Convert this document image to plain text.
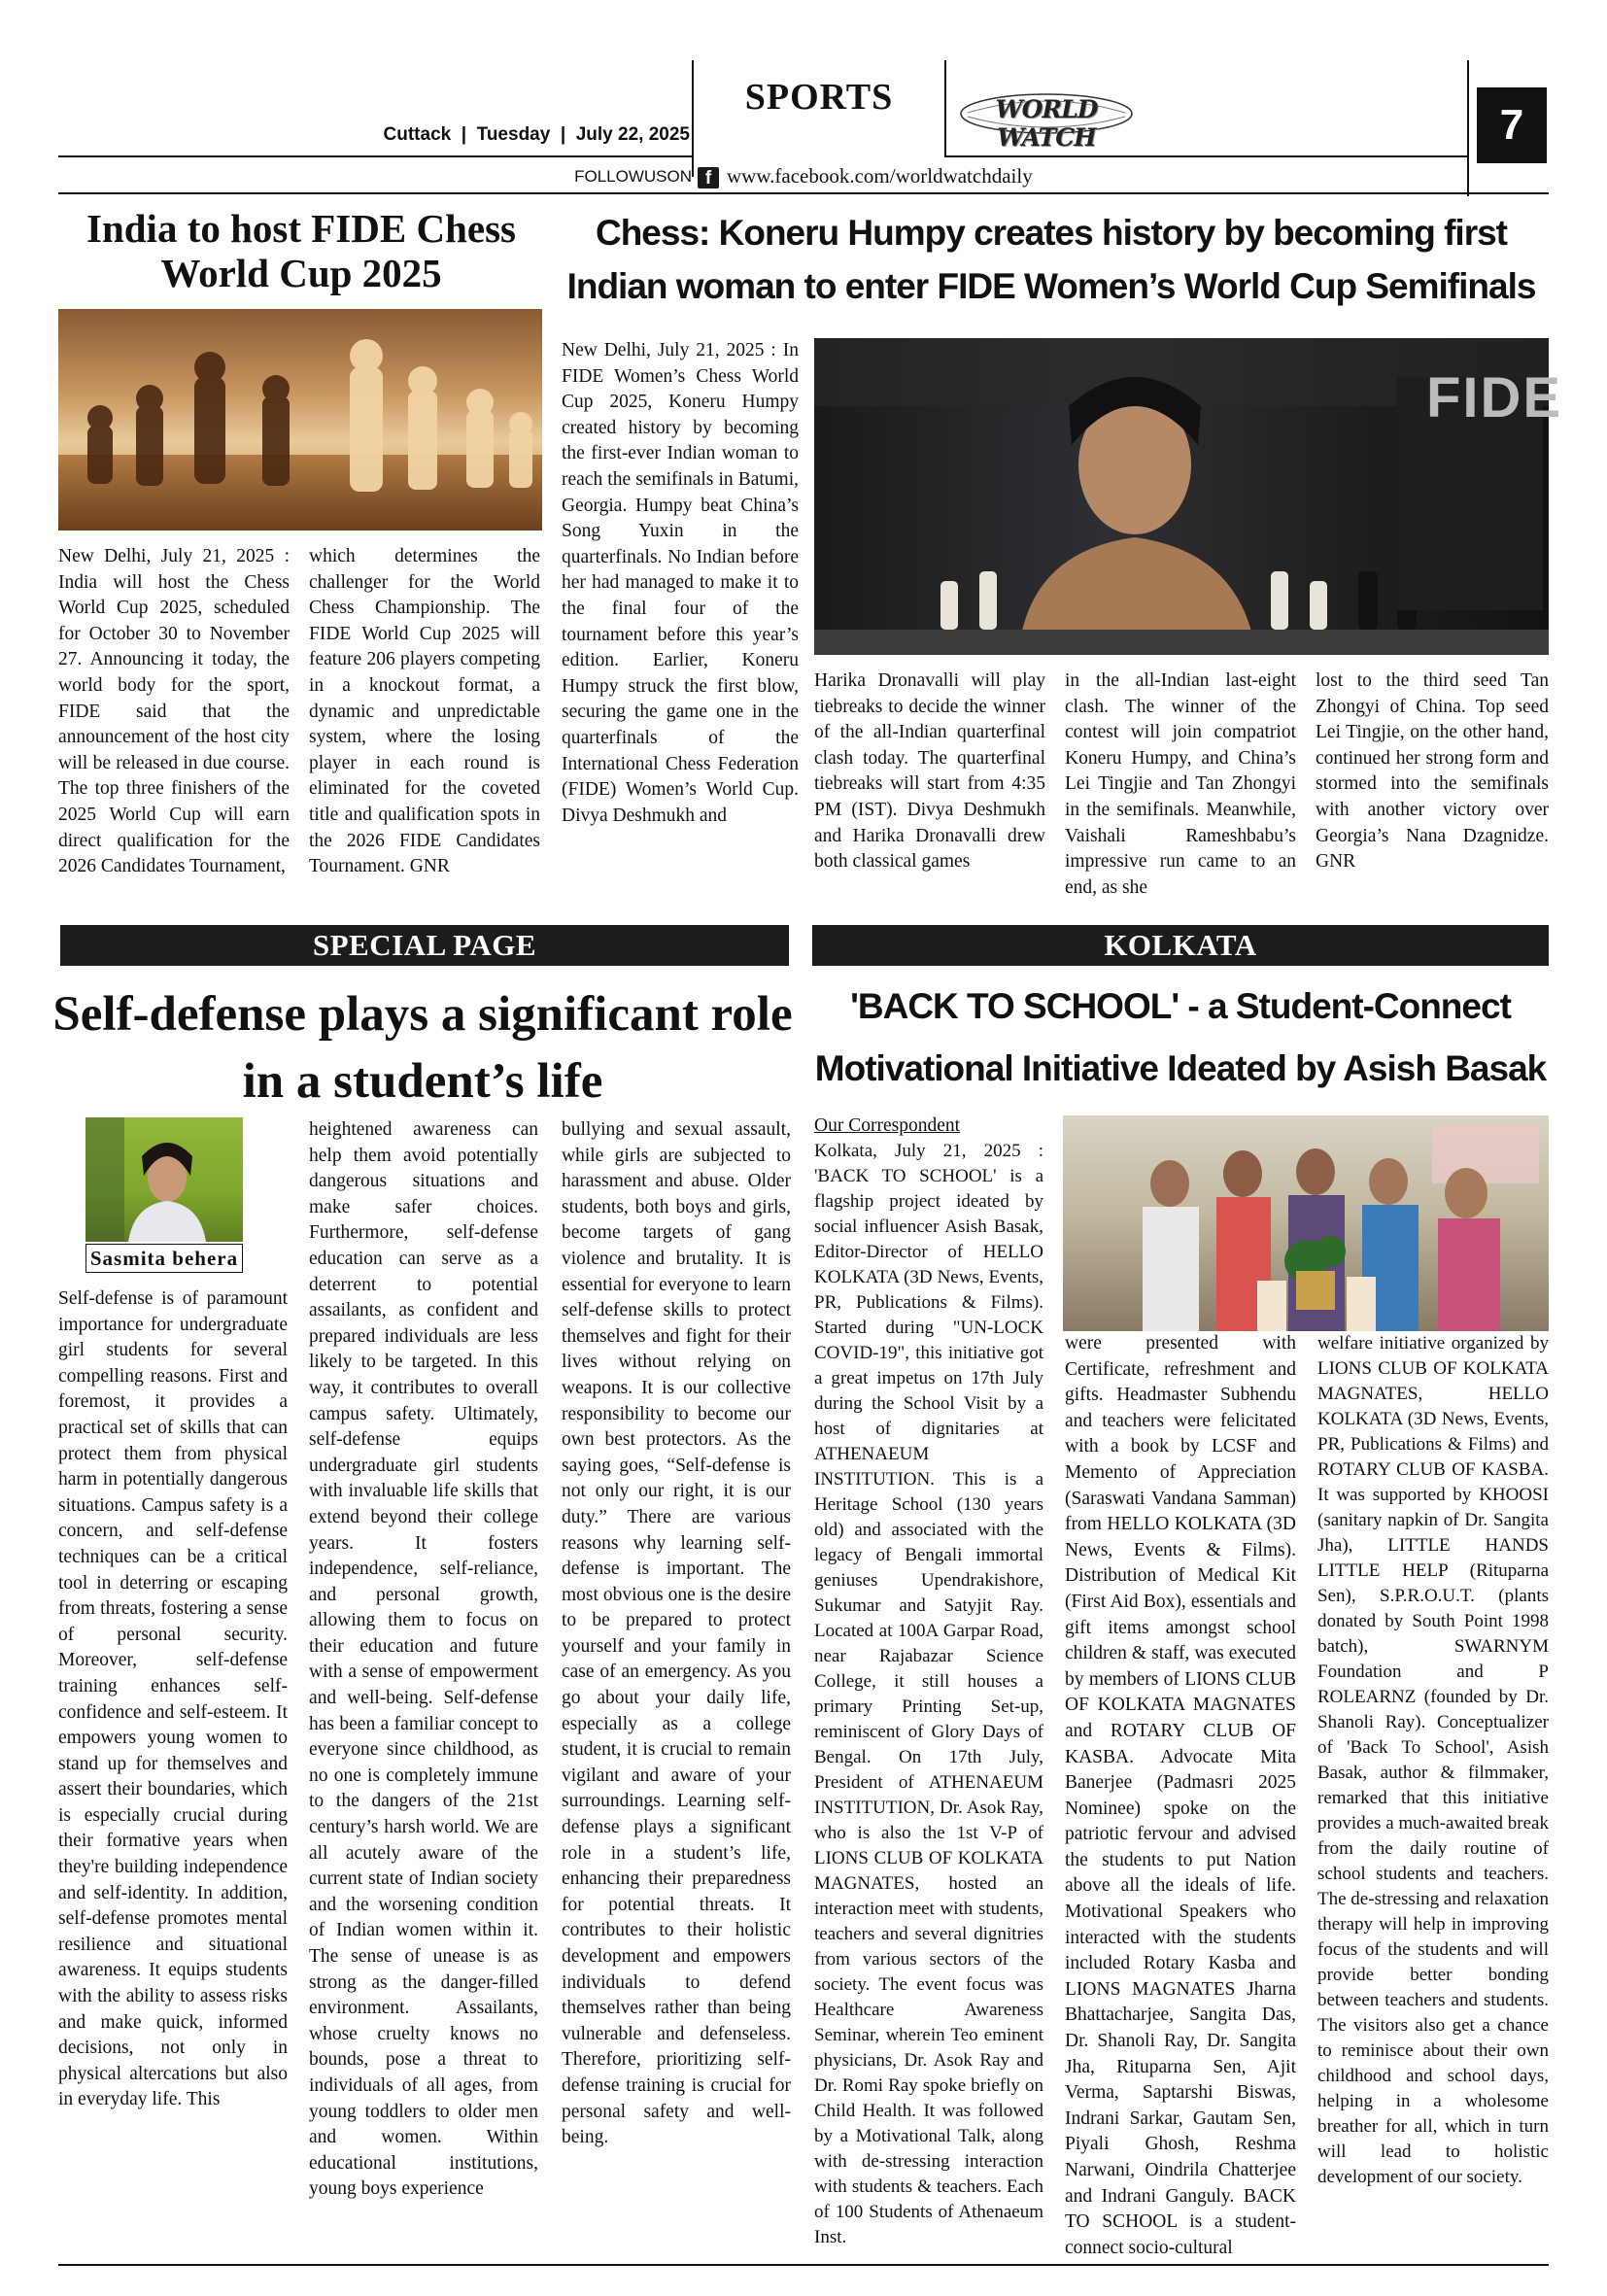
Cuttack  |  Tuesday  |  July 22, 2025
SPORTS	WORLD WATCH	7
FOLLOWUSON f www.facebook.com/worldwatchdaily
India to host FIDE Chess World Cup 2025

New Delhi, July 21, 2025 : India will host the Chess World Cup 2025, scheduled for October 30 to November 27. Announcing it today, the world body for the sport, FIDE said that the announcement of the host city will be released in due course. The top three finishers of the 2025 World Cup will earn direct qualification for the 2026 Candidates Tournament,

which determines the challenger for the World Chess Championship. The FIDE World Cup 2025 will feature 206 players competing in a knockout format, a dynamic and unpredictable system, where the losing player in each round is eliminated for the coveted title and qualification spots in the 2026 FIDE Candidates Tournament. GNR

Chess: Koneru Humpy creates history by becoming first Indian woman to enter FIDE Women’s World Cup Semifinals

New Delhi, July 21, 2025 : In FIDE Women’s Chess World Cup 2025, Koneru Humpy created history by becoming the first-ever Indian woman to reach the semifinals in Batumi, Georgia. Humpy beat China’s Song Yuxin in the quarterfinals. No Indian before her had managed to make it to the final four of the tournament before this year’s edition. Earlier, Koneru Humpy struck the first blow, securing the game one in the quarterfinals of the International Chess Federation (FIDE) Women’s World Cup. Divya Deshmukh and

FIDE

Harika Dronavalli will play tiebreaks to decide the winner of the all-Indian quarterfinal clash today. The quarterfinal tiebreaks will start from 4:35 PM (IST). Divya Deshmukh and Harika Dronavalli drew both classical games

in the all-Indian last-eight clash. The winner of the contest will join compatriot Koneru Humpy, and China’s Lei Tingjie and Tan Zhongyi in the semifinals. Meanwhile, Vaishali Rameshbabu’s impressive run came to an end, as she

lost to the third seed Tan Zhongyi of China. Top seed Lei Tingjie, on the other hand, continued her strong form and stormed into the semifinals with another victory over Georgia’s Nana Dzagnidze. GNR

SPECIAL PAGE
Self-defense plays a significant role in a student’s life
Sasmita behera

Self-defense is of paramount importance for undergraduate girl students for several compelling reasons. First and foremost, it provides a practical set of skills that can protect them from physical harm in potentially dangerous situations. Campus safety is a concern, and self-defense techniques can be a critical tool in deterring or escaping from threats, fostering a sense of personal security. Moreover, self-defense training enhances self-confidence and self-esteem. It empowers young women to stand up for themselves and assert their boundaries, which is especially crucial during their formative years when they're building independence and self-identity. In addition, self-defense promotes mental resilience and situational awareness. It equips students with the ability to assess risks and make quick, informed decisions, not only in physical altercations but also in everyday life. This

heightened awareness can help them avoid potentially dangerous situations and make safer choices. Furthermore, self-defense education can serve as a deterrent to potential assailants, as confident and prepared individuals are less likely to be targeted. In this way, it contributes to overall campus safety. Ultimately, self-defense equips undergraduate girl students with invaluable life skills that extend beyond their college years. It fosters independence, self-reliance, and personal growth, allowing them to focus on their education and future with a sense of empowerment and well-being. Self-defense has been a familiar concept to everyone since childhood, as no one is completely immune to the dangers of the 21st century’s harsh world. We are all acutely aware of the current state of Indian society and the worsening condition of Indian women within it. The sense of unease is as strong as the danger-filled environment. Assailants, whose cruelty knows no bounds, pose a threat to individuals of all ages, from young toddlers to older men and women. Within educational institutions, young boys experience

bullying and sexual assault, while girls are subjected to harassment and abuse. Older students, both boys and girls, become targets of gang violence and brutality. It is essential for everyone to learn self-defense skills to protect themselves and fight for their lives without relying on weapons. It is our collective responsibility to become our own best protectors. As the saying goes, “Self-defense is not only our right, it is our duty.” There are various reasons why learning self-defense is important. The most obvious one is the desire to be prepared to protect yourself and your family in case of an emergency. As you go about your daily life, especially as a college student, it is crucial to remain vigilant and aware of your surroundings. Learning self-defense plays a significant role in a student’s life, enhancing their preparedness for potential threats. It contributes to their holistic development and empowers individuals to defend themselves rather than being vulnerable and defenseless. Therefore, prioritizing self-defense training is crucial for personal safety and well-being.

KOLKATA
'BACK TO SCHOOL' - a Student-Connect Motivational Initiative Ideated by Asish Basak
Our Correspondent

Kolkata, July 21, 2025 : 'BACK TO SCHOOL' is a flagship project ideated by social influencer Asish Basak, Editor-Director of HELLO KOLKATA (3D News, Events, PR, Publications & Films). Started during "UN-LOCK COVID-19", this initiative got a great impetus on 17th July during the School Visit by a host of dignitaries at ATHENAEUM INSTITUTION. This is a Heritage School (130 years old) and associated with the legacy of Bengali immortal geniuses Upendrakishore, Sukumar and Satyjit Ray. Located at 100A Garpar Road, near Rajabazar Science College, it still houses a primary Printing Set-up, reminiscent of Glory Days of Bengal. On 17th July, President of ATHENAEUM INSTITUTION, Dr. Asok Ray, who is also the 1st V-P of LIONS CLUB OF KOLKATA MAGNATES, hosted an interaction meet with students, teachers and several dignitries from various sectors of the society. The event focus was Healthcare Awareness Seminar, wherein Teo eminent physicians, Dr. Asok Ray and Dr. Romi Ray spoke briefly on Child Health. It was followed by a Motivational Talk, along with de-stressing interaction with students & teachers. Each of 100 Students of Athenaeum Inst.

were presented with Certificate, refreshment and gifts. Headmaster Subhendu and teachers were felicitated with a book by LCSF and Memento of Appreciation (Saraswati Vandana Samman) from HELLO KOLKATA (3D News, Events & Films). Distribution of Medical Kit (First Aid Box), essentials and gift items amongst school children & staff, was executed by members of LIONS CLUB OF KOLKATA MAGNATES and ROTARY CLUB OF KASBA. Advocate Mita Banerjee (Padmasri 2025 Nominee) spoke on the patriotic fervour and advised the students to put Nation above all the ideals of life. Motivational Speakers who interacted with the students included Rotary Kasba and LIONS MAGNATES Jharna Bhattacharjee, Sangita Das, Dr. Shanoli Ray, Dr. Sangita Jha, Rituparna Sen, Ajit Verma, Saptarshi Biswas, Indrani Sarkar, Gautam Sen, Piyali Ghosh, Reshma Narwani, Oindrila Chatterjee and Indrani Ganguly. BACK TO SCHOOL is a student-connect socio-cultural

welfare initiative organized by LIONS CLUB OF KOLKATA MAGNATES, HELLO KOLKATA (3D News, Events, PR, Publications & Films) and ROTARY CLUB OF KASBA. It was supported by KHOOSI (sanitary napkin of Dr. Sangita Jha), LITTLE HANDS LITTLE HELP (Rituparna Sen), S.P.R.O.U.T. (plants donated by South Point 1998 batch), SWARNYM Foundation and P ROLEARNZ (founded by Dr. Shanoli Ray). Conceptualizer of 'Back To School', Asish Basak, author & filmmaker, remarked that this initiative provides a much-awaited break from the daily routine of school students and teachers. The de-stressing and relaxation therapy will help in improving focus of the students and will provide better bonding between teachers and students. The visitors also get a chance to reminisce about their own childhood and school days, helping in a wholesome breather for all, which in turn will lead to holistic development of our society.
